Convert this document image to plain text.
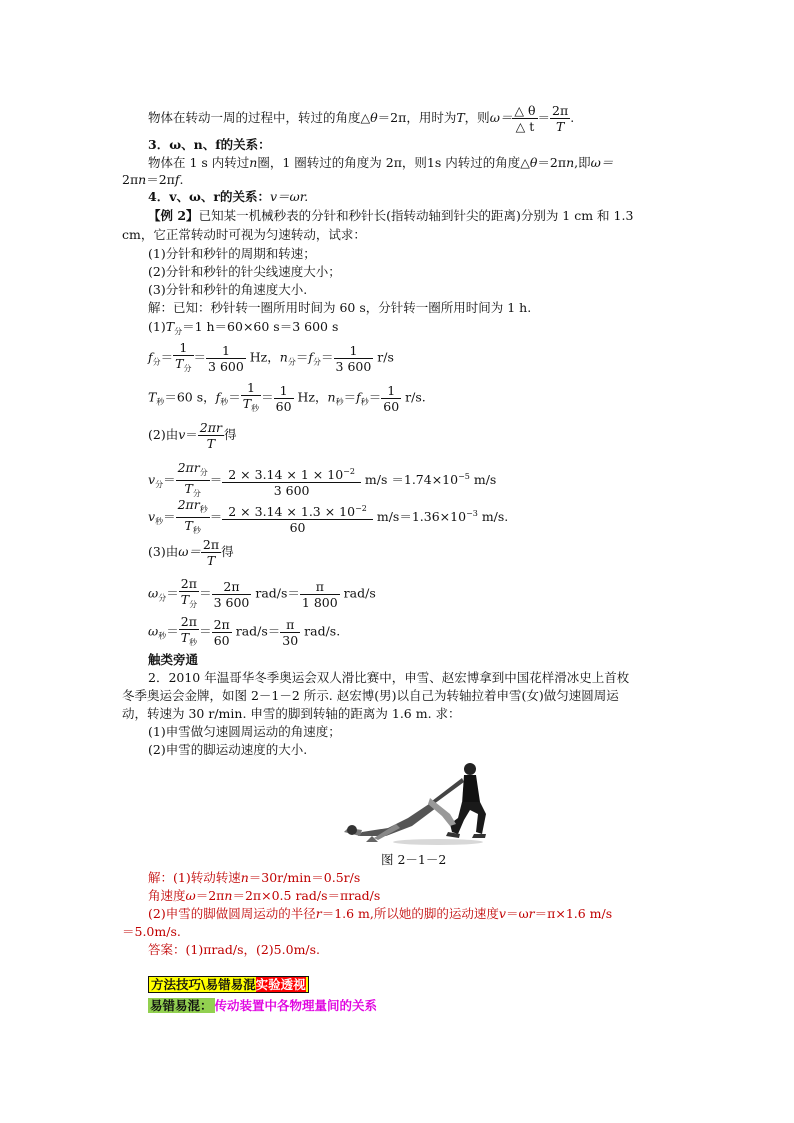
物体在转动一周的过程中，转过的角度△θ＝2π，用时为T，则$\omega= \frac{\triangle \theta}{\triangle t} = \frac{2\pi}{T}$ .
3．ω、n、f的关系：
物体在 1 s 内转过n圈，1 圈转过的角度为 2π，则1s 内转过的角度△θ＝2πn,即ω＝
2πn＝2πf.
4．v、ω、r的关系：v＝ωr.
【例 2】已知某一机械秒表的分针和秒针长(指转动轴到针尖的距离)分别为 1 cm 和 1.3
cm，它正常转动时可视为匀速转动，试求：
(1)分针和秒针的周期和转速；
(2)分针和秒针的针尖线速度大小；
(3)分针和秒针的角速度大小.
解：已知：秒针转一圈所用时间为 60 s，分针转一圈所用时间为 1 h.
$(1)T_分=1$ h＝60×60 s＝3 600 s
$f_分=$
1
$T_分$
＝ $\frac{1}{3 600}$ Hz，$n_分=f_分= \frac{1}{3 600} r/s$
$T_秒=60$ s，$f_秒=$
1
$T_秒$
＝ $\frac{1}{60}$ Hz，$n_秒=f_秒= \frac{1}{60} r/s$.
(2)由$v= \frac{2\pi r}{T}$ 得
$v_分=$
$2\pi r_分$
$T_分$
＝ $\frac{2 \times 3.14 \times 1 \times 10^{-2}}{3 600} m/s =1.74\times 10^{-5}$ m/s
$v_秒=$
$2\pi r_秒$
$T_秒$
＝ $\frac{2 \times 3.14 \times 1.3 \times 10^{-2}}{60} m/s=1.36\times 10^{-3}$ m/s.
(3)由$\omega= \frac{2\pi}{T}$ 得
$\omega_分=$
2π
$T_分$
＝ $\frac{2\pi}{3 600} rad/s= \frac{\pi}{1 800} rad/s$
$\omega_秒=$
2π
$T_秒$
＝ $\frac{2\pi}{60} rad/s= \frac{\pi}{30} rad/s$.
触类旁通
2．2010 年温哥华冬季奥运会双人滑比赛中，申雪、赵宏博拿到中国花样滑冰史上首枚
冬季奥运会金牌，如图 2－1－2 所示. 赵宏博(男)以自己为转轴拉着申雪(女)做匀速圆周运
动，转速为 30 r/min. 申雪的脚到转轴的距离为 1.6 m. 求：
(1)申雪做匀速圆周运动的角速度；
(2)申雪的脚运动速度的大小.
图 2－1－2
解：(1)转动转速n＝30r/min＝0.5r/s
角速度ω＝2πn＝2π×0.5 rad/s＝πrad/s
(2)申雪的脚做圆周运动的半径r＝1.6 m,所以她的脚的运动速度v＝ωr＝π×1.6 m/s
＝5.0m/s.
答案：(1)πrad/s，(2)5.0m/s.
方法技巧\易错易混实验透视
易错易混： 传动装置中各物理量间的关系
